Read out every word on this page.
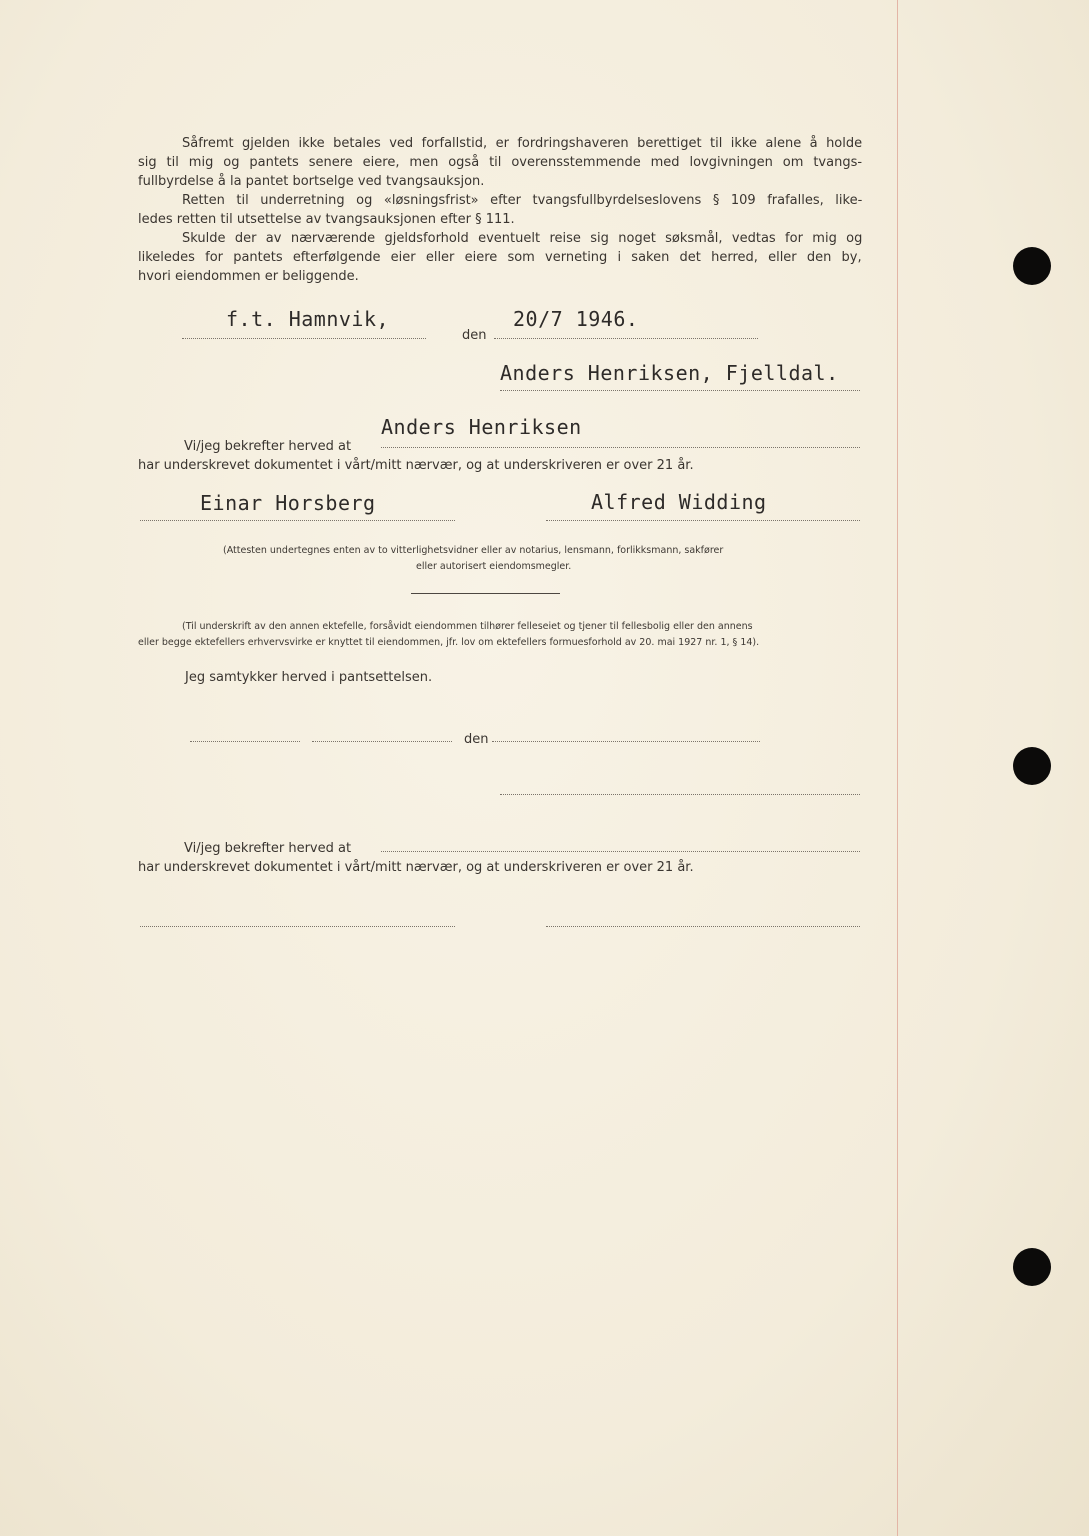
Såfremt gjelden ikke betales ved forfallstid, er fordringshaveren berettiget til ikke alene å holde
sig til mig og pantets senere eiere, men også til overensstemmende med lovgivningen om tvangs-
fullbyrdelse å la pantet bortselge ved tvangsauksjon.
Retten til underretning og «løsningsfrist» efter tvangsfullbyrdelseslovens § 109 frafalles, like-
ledes retten til utsettelse av tvangsauksjonen efter § 111.
Skulde der av nærværende gjeldsforhold eventuelt reise sig noget søksmål, vedtas for mig og
likeledes for pantets efterfølgende eier eller eiere som verneting i saken det herred, eller den by,
hvori eiendommen er beliggende.
f.t. Hamnvik,
den
20/7 1946.
Anders Henriksen, Fjelldal.
Anders Henriksen
Vi/jeg bekrefter herved at
har underskrevet dokumentet i vårt/mitt nærvær, og at underskriveren er over 21 år.
Einar Horsberg	Alfred Widding
(Attesten undertegnes enten av to vitterlighetsvidner eller av notarius, lensmann, forlikksmann, sakfører
eller autorisert eiendomsmegler.
(Til underskrift av den annen ektefelle, forsåvidt eiendommen tilhører felleseiet og tjener til fellesbolig eller den annens
eller begge ektefellers erhvervsvirke er knyttet til eiendommen, jfr. lov om ektefellers formuesforhold av 20. mai 1927 nr. 1, § 14).
Jeg samtykker herved i pantsettelsen.
den
Vi/jeg bekrefter herved at
har underskrevet dokumentet i vårt/mitt nærvær, og at underskriveren er over 21 år.
